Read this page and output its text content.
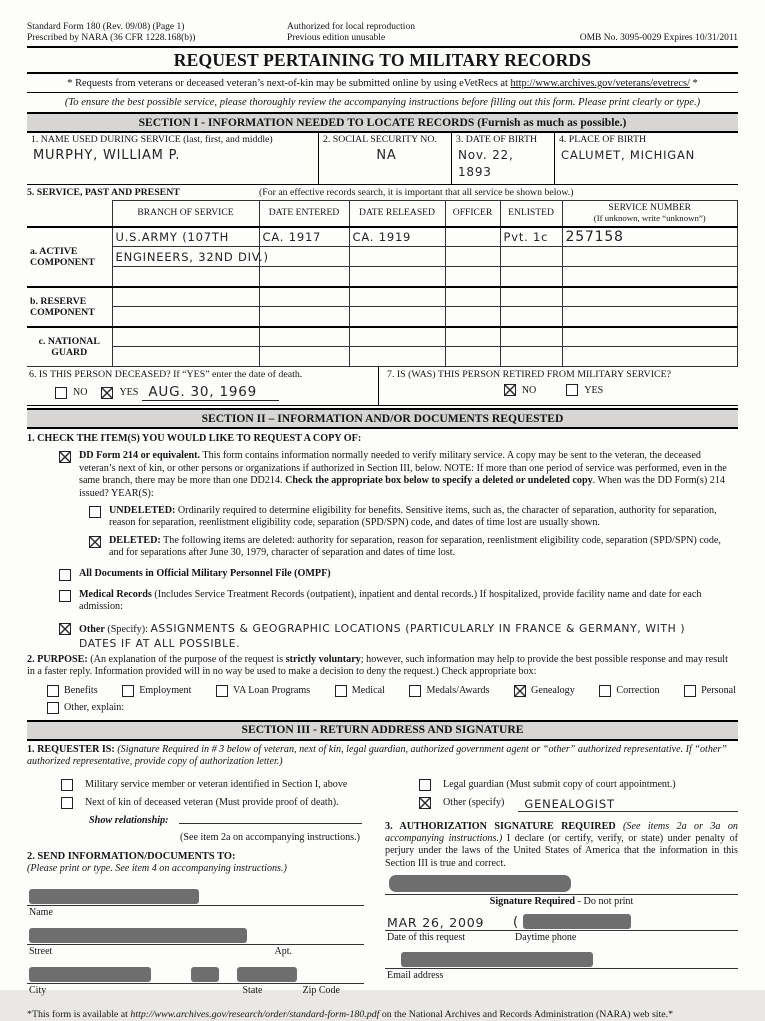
Standard Form 180 (Rev. 09/08) (Page 1)
Prescribed by NARA (36 CFR 1228.168(b))
Authorized for local reproduction
Previous edition unusable	OMB No. 3095-0029 Expires 10/31/2011
REQUEST PERTAINING TO MILITARY RECORDS
* Requests from veterans or deceased veteran’s next-of-kin may be submitted online by using eVetRecs at http://www.archives.gov/veterans/evetrecs/ *
(To ensure the best possible service, please thoroughly review the accompanying instructions before filling out this form. Please print clearly or type.)
SECTION I - INFORMATION NEEDED TO LOCATE RECORDS (Furnish as much as possible.)
1. NAME USED DURING SERVICE (last, first, and middle)
MURPHY, WILLIAM P.
2. SOCIAL SECURITY NO.
NA
3. DATE OF BIRTH
Nov. 22, 1893
4. PLACE OF BIRTH
CALUMET, MICHIGAN
5. SERVICE, PAST AND PRESENT	(For an effective records search, it is important that all service be shown below.)
	BRANCH OF SERVICE	DATE ENTERED	DATE RELEASED	OFFICER	ENLISTED	SERVICE NUMBER
(If unknown, write “unknown”)

a. ACTIVE COMPONENT	U.S.ARMY (107TH	CA. 1917	CA. 1919		Pvt. 1c	257158
	ENGINEERS, 32ND DIV.)					

b. RESERVE COMPONENT						

c. NATIONAL GUARD						

6. IS THIS PERSON DECEASED? If “YES” enter the date of death.
NO	YES AUG. 30, 1969
7. IS (WAS) THIS PERSON RETIRED FROM MILITARY SERVICE?
NO	YES
SECTION II – INFORMATION AND/OR DOCUMENTS REQUESTED
1. CHECK THE ITEM(S) YOU WOULD LIKE TO REQUEST A COPY OF:
DD Form 214 or equivalent. This form contains information normally needed to verify military service. A copy may be sent to the veteran, the deceased veteran’s next of kin, or other persons or organizations if authorized in Section III, below. NOTE: If more than one period of service was performed, even in the same branch, there may be more than one DD214. Check the appropriate box below to specify a deleted or undeleted copy. When was the DD Form(s) 214 issued? YEAR(S):
UNDELETED: Ordinarily required to determine eligibility for benefits. Sensitive items, such as, the character of separation, authority for separation, reason for separation, reenlistment eligibility code, separation (SPD/SPN) code, and dates of time lost are usually shown.
DELETED: The following items are deleted: authority for separation, reason for separation, reenlistment eligibility code, separation (SPD/SPN) code, and for separations after June 30, 1979, character of separation and dates of time lost.
All Documents in Official Military Personnel File (OMPF)
Medical Records (Includes Service Treatment Records (outpatient), inpatient and dental records.) If hospitalized, provide facility name and date for each admission:
Other (Specify): ASSIGNMENTS & GEOGRAPHIC LOCATIONS (PARTICULARLY IN FRANCE & GERMANY, WITH )
DATES IF AT ALL POSSIBLE.
2. PURPOSE: (An explanation of the purpose of the request is strictly voluntary; however, such information may help to provide the best possible response and may result in a faster reply. Information provided will in no way be used to make a decision to deny the request.) Check appropriate box:
Benefits	Employment	VA Loan Programs	Medical	Medals/Awards	Genealogy	Correction	Personal
Other, explain:
SECTION III - RETURN ADDRESS AND SIGNATURE
1. REQUESTER IS: (Signature Required in # 3 below of veteran, next of kin, legal guardian, authorized government agent or “other” authorized representative. If “other” authorized representative, provide copy of authorization letter.)
Military service member or veteran identified in Section I, above
Next of kin of deceased veteran (Must provide proof of death).
Show relationship:
(See item 2a on accompanying instructions.)
2. SEND INFORMATION/DOCUMENTS TO:
(Please print or type. See item 4 on accompanying instructions.)
Name
Street	Apt.
City	State	Zip Code
Legal guardian (Must submit copy of court appointment.)
Other (specify)	GENEALOGIST
3. AUTHORIZATION SIGNATURE REQUIRED (See items 2a or 3a on accompanying instructions.) I declare (or certify, verify, or state) under penalty of perjury under the laws of the United States of America that the information in this Section III is true and correct.
Signature Required - Do not print
MAR 26, 2009	(
Date of this request	Daytime phone
Email address
*This form is available at http://www.archives.gov/research/order/standard-form-180.pdf on the National Archives and Records Administration (NARA) web site.*
